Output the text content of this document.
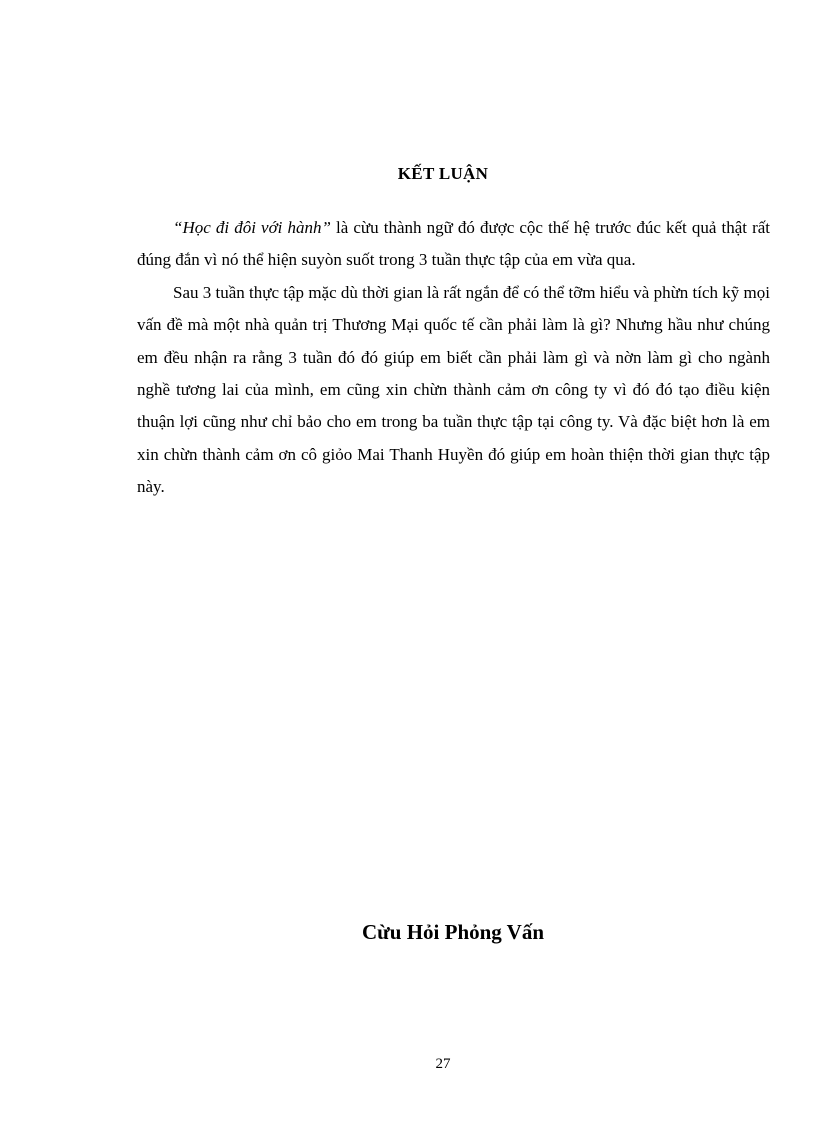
KẾT LUẬN

“Học đi đôi với hành” là cừu thành ngữ đó được cộc thế hệ trước đúc kết quả thật rất đúng đắn vì nó thể hiện suyòn suốt trong 3 tuần thực tập của em vừa qua.

Sau 3 tuần thực tập mặc dù thời gian là rất ngắn để có thể tỡm hiểu và phừn tích kỹ mọi vấn đề mà một nhà quản trị Thương Mại quốc tế cần phải làm là gì? Nhưng hầu như chúng em đều nhận ra rằng 3 tuần đó đó giúp em biết cần phải làm gì và nờn làm gì cho ngành nghề tương lai của mình, em cũng xin chừn thành cảm ơn công ty vì đó đó tạo điều kiện thuận lợi cũng như chỉ bảo cho em trong ba tuần thực tập tại công ty. Và đặc biệt hơn là em xin chừn thành cảm ơn cô giỏo Mai Thanh Huyền đó giúp em hoàn thiện thời gian thực tập này.

Cừu Hỏi Phỏng Vấn
27
